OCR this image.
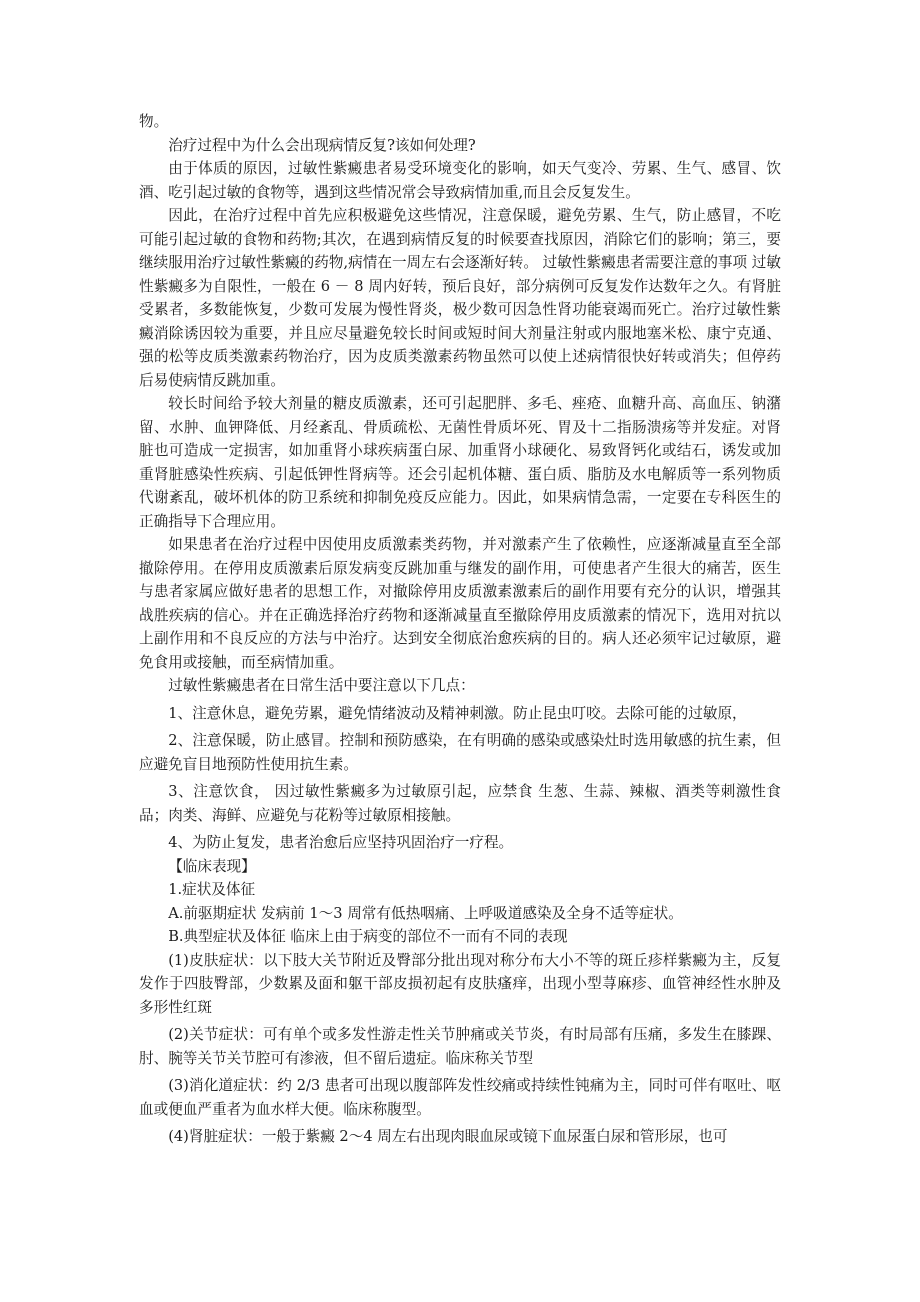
物。

治疗过程中为什么会出现病情反复?该如何处理?

由于体质的原因，过敏性紫癜患者易受环境变化的影响，如天气变冷、劳累、生气、感冒、饮酒、吃引起过敏的食物等，遇到这些情况常会导致病情加重,而且会反复发生。

因此，在治疗过程中首先应积极避免这些情况，注意保暖，避免劳累、生气，防止感冒，不吃可能引起过敏的食物和药物;其次，在遇到病情反复的时候要查找原因，消除它们的影响；第三，要继续服用治疗过敏性紫癜的药物,病情在一周左右会逐渐好转。 过敏性紫癜患者需要注意的事项 过敏性紫癜多为自限性，一般在 6 － 8 周内好转，预后良好，部分病例可反复发作达数年之久。有肾脏受累者，多数能恢复，少数可发展为慢性肾炎，极少数可因急性肾功能衰竭而死亡。治疗过敏性紫癜消除诱因较为重要，并且应尽量避免较长时间或短时间大剂量注射或内服地塞米松、康宁克通、强的松等皮质类激素药物治疗，因为皮质类激素药物虽然可以使上述病情很快好转或消失；但停药后易使病情反跳加重。

较长时间给予较大剂量的糖皮质激素，还可引起肥胖、多毛、痤疮、血糖升高、高血压、钠潴留、水肿、血钾降低、月经紊乱、骨质疏松、无菌性骨质坏死、胃及十二指肠溃疡等并发症。对肾脏也可造成一定损害，如加重肾小球疾病蛋白尿、加重肾小球硬化、易致肾钙化或结石，诱发或加重肾脏感染性疾病、引起低钾性肾病等。还会引起机体糖、蛋白质、脂肪及水电解质等一系列物质代谢紊乱，破坏机体的防卫系统和抑制免疫反应能力。因此，如果病情急需，一定要在专科医生的正确指导下合理应用。

如果患者在治疗过程中因使用皮质激素类药物，并对激素产生了依赖性，应逐渐减量直至全部撤除停用。在停用皮质激素后原发病变反跳加重与继发的副作用，可使患者产生很大的痛苦，医生与患者家属应做好患者的思想工作，对撤除停用皮质激素激素后的副作用要有充分的认识，增强其战胜疾病的信心。并在正确选择治疗药物和逐渐减量直至撤除停用皮质激素的情况下，选用对抗以上副作用和不良反应的方法与中治疗。达到安全彻底治愈疾病的目的。病人还必须牢记过敏原，避免食用或接触，而至病情加重。

过敏性紫癜患者在日常生活中要注意以下几点：

1、注意休息，避免劳累，避免情绪波动及精神刺激。防止昆虫叮咬。去除可能的过敏原，

2、注意保暖，防止感冒。控制和预防感染，在有明确的感染或感染灶时选用敏感的抗生素，但应避免盲目地预防性使用抗生素。

3、注意饮食， 因过敏性紫癜多为过敏原引起，应禁食 生葱、生蒜、辣椒、酒类等刺激性食品；肉类、海鲜、应避免与花粉等过敏原相接触。

4、为防止复发，患者治愈后应坚持巩固治疗一疗程。

【临床表现】

1.症状及体征

A.前驱期症状 发病前 1～3 周常有低热咽痛、上呼吸道感染及全身不适等症状。

B.典型症状及体征 临床上由于病变的部位不一而有不同的表现

(1)皮肤症状：以下肢大关节附近及臀部分批出现对称分布大小不等的斑丘疹样紫癜为主，反复发作于四肢臀部，少数累及面和躯干部皮损初起有皮肤瘙痒，出现小型荨麻疹、血管神经性水肿及多形性红斑

(2)关节症状：可有单个或多发性游走性关节肿痛或关节炎，有时局部有压痛，多发生在膝踝、肘、腕等关节关节腔可有渗液，但不留后遗症。临床称关节型

(3)消化道症状：约 2/3 患者可出现以腹部阵发性绞痛或持续性钝痛为主，同时可伴有呕吐、呕血或便血严重者为血水样大便。临床称腹型。

(4)肾脏症状：一般于紫癜 2～4 周左右出现肉眼血尿或镜下血尿蛋白尿和管形尿，也可
